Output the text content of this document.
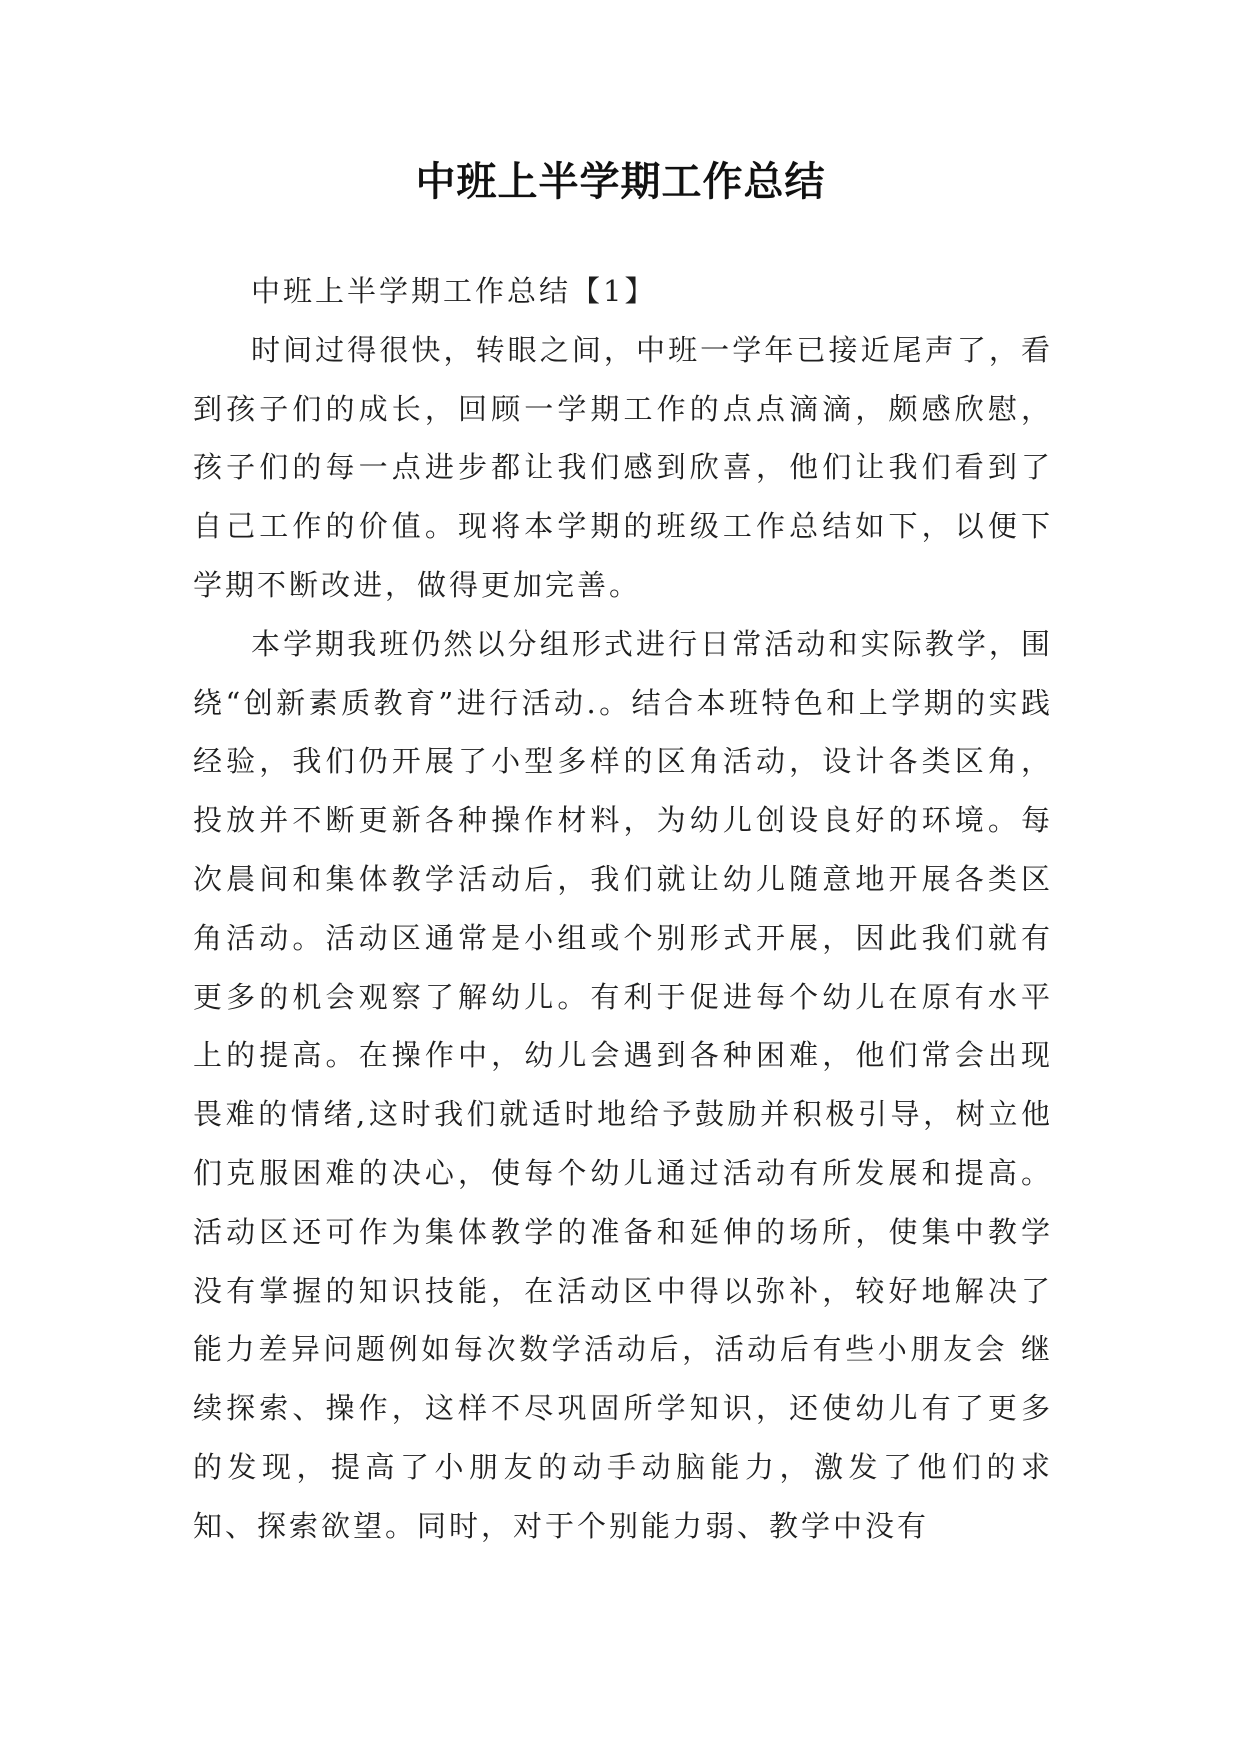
中班上半学期工作总结

中班上半学期工作总结【1】

时间过得很快，转眼之间，中班一学年已接近尾声了，看到孩子们的成长，回顾一学期工作的点点滴滴，颇感欣慰，孩子们的每一点进步都让我们感到欣喜，他们让我们看到了自己工作的价值。现将本学期的班级工作总结如下，以便下学期不断改进，做得更加完善。

本学期我班仍然以分组形式进行日常活动和实际教学，围绕“创新素质教育”进行活动.。结合本班特色和上学期的实践经验，我们仍开展了小型多样的区角活动，设计各类区角，投放并不断更新各种操作材料，为幼儿创设良好的环境。每次晨间和集体教学活动后，我们就让幼儿随意地开展各类区角活动。活动区通常是小组或个别形式开展，因此我们就有更多的机会观察了解幼儿。有利于促进每个幼儿在原有水平上的提高。在操作中，幼儿会遇到各种困难，他们常会出现畏难的情绪,这时我们就适时地给予鼓励并积极引导，树立他们克服困难的决心，使每个幼儿通过活动有所发展和提高。活动区还可作为集体教学的准备和延伸的场所，使集中教学没有掌握的知识技能，在活动区中得以弥补，较好地解决了能力差异问题例如每次数学活动后，活动后有些小朋友会 继续探索、操作，这样不尽巩固所学知识，还使幼儿有了更多的发现，提高了小朋友的动手动脑能力，激发了他们的求知、探索欲望。同时，对于个别能力弱、教学中没有
